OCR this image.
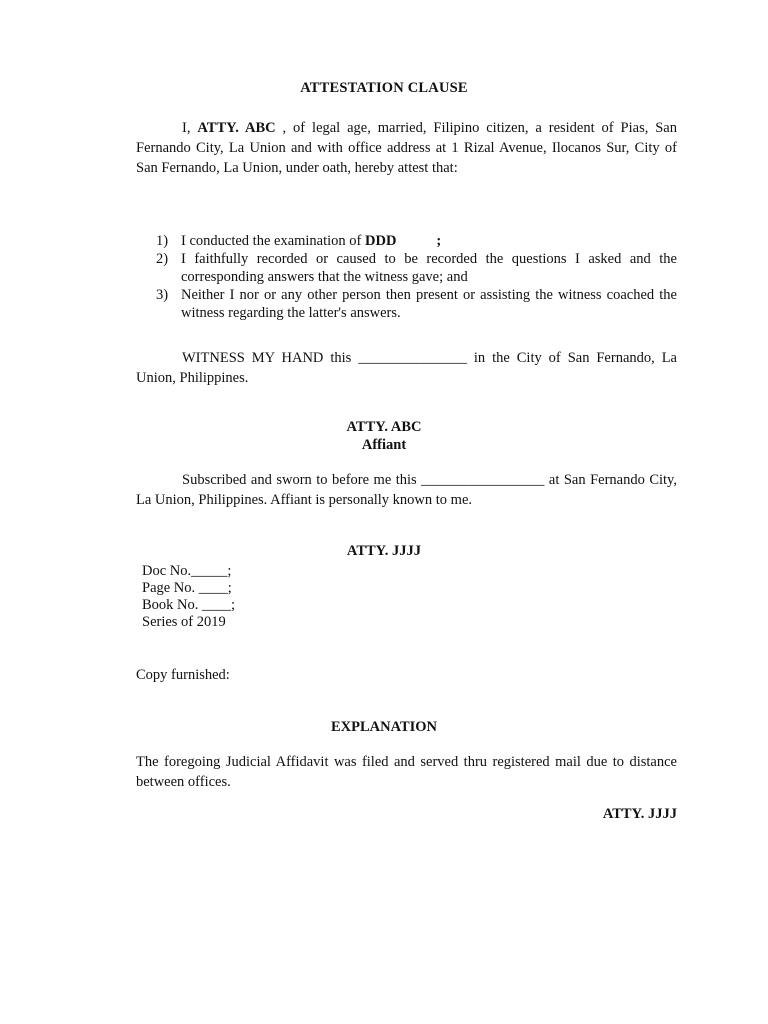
ATTESTATION CLAUSE
I, ATTY. ABC , of legal age, married, Filipino citizen, a resident of Pias, San Fernando City, La Union and with office address at 1 Rizal Avenue, Ilocanos Sur, City of San Fernando, La Union, under oath, hereby attest that:
1) I conducted the examination of DDD           ;
2) I faithfully recorded or caused to be recorded the questions I asked and the corresponding answers that the witness gave; and
3) Neither I nor or any other person then present or assisting the witness coached the witness regarding the latter's answers.
WITNESS MY HAND this _______________ in the City of San Fernando, La Union, Philippines.
ATTY. ABC
Affiant
Subscribed and sworn to before me this _________________ at San Fernando City, La Union, Philippines. Affiant is personally known to me.
ATTY. JJJJ
Doc No._____;
Page No. ____;
Book No. ____;
Series of 2019
Copy furnished:
EXPLANATION
The foregoing Judicial Affidavit was filed and served thru registered mail due to distance between offices.
ATTY. JJJJ
